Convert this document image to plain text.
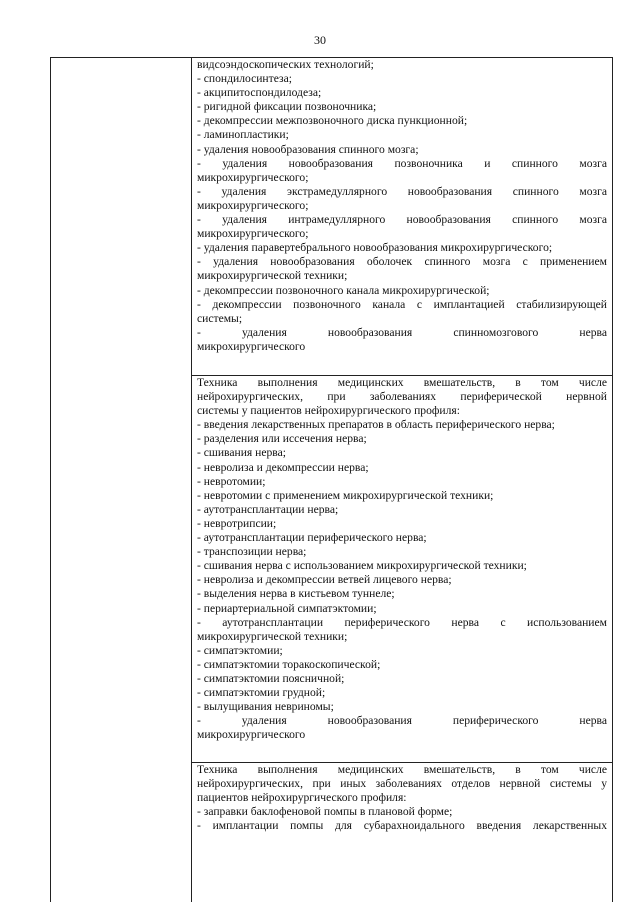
30
видсоэндоскопических технологий;
- спондилосинтеза;
- акципитоспондилодеза;
- ригидной фиксации позвоночника;
- декомпрессии межпозвоночного диска пункционной;
- ламинопластики;
- удаления новообразования спинного мозга;
- удаления новообразования позвоночника и спинного мозга
микрохирургического;
- удаления экстрамедуллярного новообразования спинного мозга
микрохирургического;
- удаления интрамедуллярного новообразования спинного мозга
микрохирургического;
- удаления паравертебрального новообразования микрохирургического;
- удаления новообразования оболочек спинного мозга с применением
микрохирургической техники;
- декомпрессии позвоночного канала микрохирургической;
- декомпрессии позвоночного канала с имплантацией стабилизирующей
системы;
- удаления новообразования спинномозгового нерва
микрохирургического
Техника выполнения медицинских вмешательств, в том числе
нейрохирургических, при заболеваниях периферической нервной
системы у пациентов нейрохирургического профиля:
- введения лекарственных препаратов в область периферического нерва;
- разделения или иссечения нерва;
- сшивания нерва;
- невролиза и декомпрессии нерва;
- невротомии;
- невротомии с применением микрохирургической техники;
- аутотрансплантации нерва;
- невротрипсии;
- аутотрансплантации периферического нерва;
- транспозиции нерва;
- сшивания нерва с использованием микрохирургической техники;
- невролиза и декомпрессии ветвей лицевого нерва;
- выделения нерва в кистьевом туннеле;
- периартериальной симпатэктомии;
- аутотрансплантации периферического нерва с использованием
микрохирургической техники;
- симпатэктомии;
- симпатэктомии торакоскопической;
- симпатэктомии поясничной;
- симпатэктомии грудной;
- вылущивания невриномы;
- удаления новообразования периферического нерва
микрохирургического
Техника выполнения медицинских вмешательств, в том числе
нейрохирургических, при иных заболеваниях отделов нервной системы у
пациентов нейрохирургического профиля:
- заправки баклофеновой помпы в плановой форме;
- имплантации помпы для субарахноидального введения лекарственных
